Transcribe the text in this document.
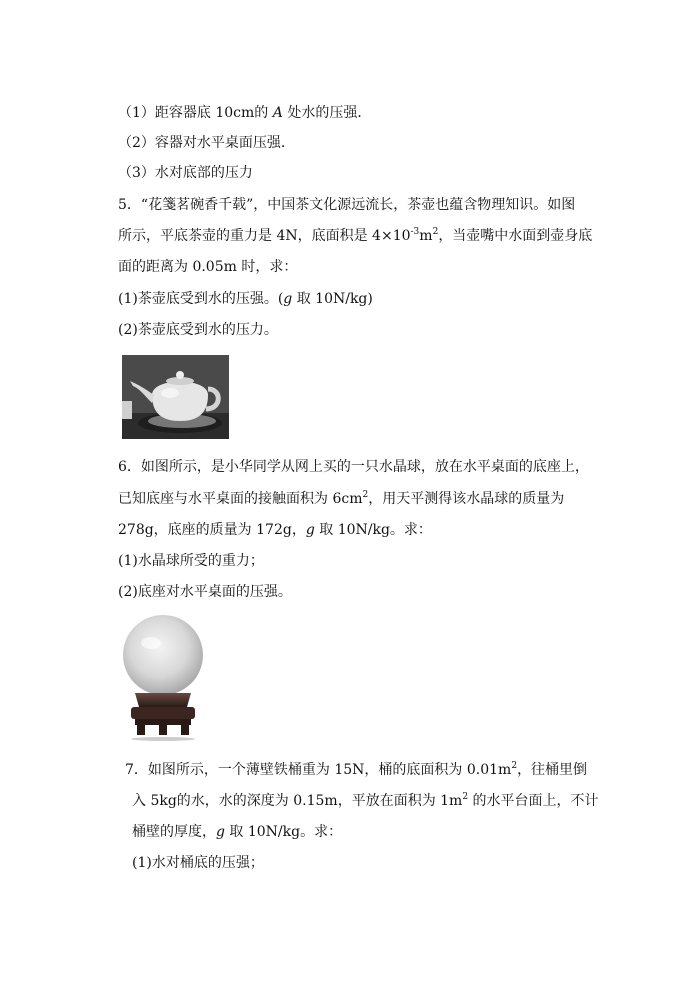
（1）距容器底 10cm的 A 处水的压强．
（2）容器对水平桌面压强．
（3）水对底部的压力
5．“花箋茗碗香千载”，中国茶文化源远流长，茶壶也蕴含物理知识。如图
所示，平底茶壶的重力是 4N，底面积是 $4\times 10^{-3}m^2$，当壶嘴中水面到壶身底
面的距离为 0.05m 时，求：
(1)茶壶底受到水的压强。(g 取 10N/kg)
(2)茶壶底受到水的压力。
6．如图所示，是小华同学从网上买的一只水晶球，放在水平桌面的底座上，
已知底座与水平桌面的接触面积为 $6cm^2$，用天平测得该水晶球的质量为
278g，底座的质量为 172g，g 取 10N/kg。求：
(1)水晶球所受的重力；
(2)底座对水平桌面的压强。
7．如图所示，一个薄壁铁桶重为 15N，桶的底面积为 $0.01m^2$，往桶里倒
入 5kg的水，水的深度为 0.15m，平放在面积为 $1m^2$ 的水平台面上，不计
桶壁的厚度，g 取 10N/kg。求：
(1)水对桶底的压强；
